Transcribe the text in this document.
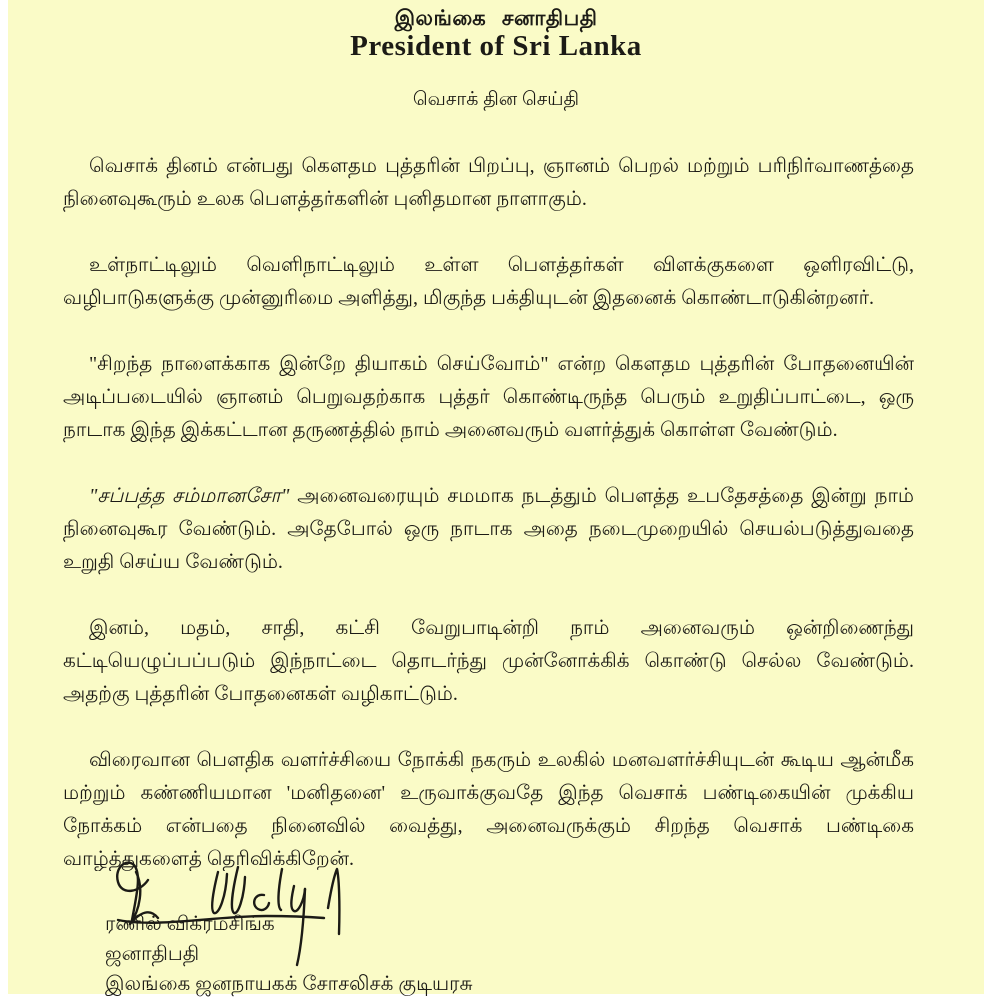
இலங்கை சனாதிபதி
President of Sri Lanka
வெசாக் தின செய்தி

வெசாக் தினம் என்பது கௌதம புத்தரின் பிறப்பு, ஞானம் பெறல் மற்றும் பரிநிர்வாணத்தை நினைவுகூரும் உலக பௌத்தர்களின் புனிதமான நாளாகும்.

உள்நாட்டிலும் வெளிநாட்டிலும் உள்ள பௌத்தர்கள் விளக்குகளை ஒளிரவிட்டு, வழிபாடுகளுக்கு முன்னுரிமை அளித்து, மிகுந்த பக்தியுடன் இதனைக் கொண்டாடுகின்றனர்.

"சிறந்த நாளைக்காக இன்றே தியாகம் செய்வோம்" என்ற கௌதம புத்தரின் போதனையின் அடிப்படையில் ஞானம் பெறுவதற்காக புத்தர் கொண்டிருந்த பெரும் உறுதிப்பாட்டை, ஒரு நாடாக இந்த இக்கட்டான தருணத்தில் நாம் அனைவரும் வளர்த்துக் கொள்ள வேண்டும்.

"சப்பத்த சம்மானசோ" அனைவரையும் சமமாக நடத்தும் பௌத்த உபதேசத்தை இன்று நாம் நினைவுகூர வேண்டும். அதேபோல் ஒரு நாடாக அதை நடைமுறையில் செயல்படுத்துவதை உறுதி செய்ய வேண்டும்.

இனம், மதம், சாதி, கட்சி வேறுபாடின்றி நாம் அனைவரும் ஒன்றிணைந்து கட்டியெழுப்பப்படும் இந்நாட்டை தொடர்ந்து முன்னோக்கிக் கொண்டு செல்ல வேண்டும். அதற்கு புத்தரின் போதனைகள் வழிகாட்டும்.

விரைவான பௌதிக வளர்ச்சியை நோக்கி நகரும் உலகில் மனவளர்ச்சியுடன் கூடிய ஆன்மீக மற்றும் கண்ணியமான 'மனிதனை' உருவாக்குவதே இந்த வெசாக் பண்டிகையின் முக்கிய நோக்கம் என்பதை நினைவில் வைத்து, அனைவருக்கும் சிறந்த வெசாக் பண்டிகை வாழ்த்துகளைத் தெரிவிக்கிறேன்.

ரணில் விக்ரமசிங்க
ஜனாதிபதி
இலங்கை ஜனநாயகக் சோசலிசக் குடியரசு
